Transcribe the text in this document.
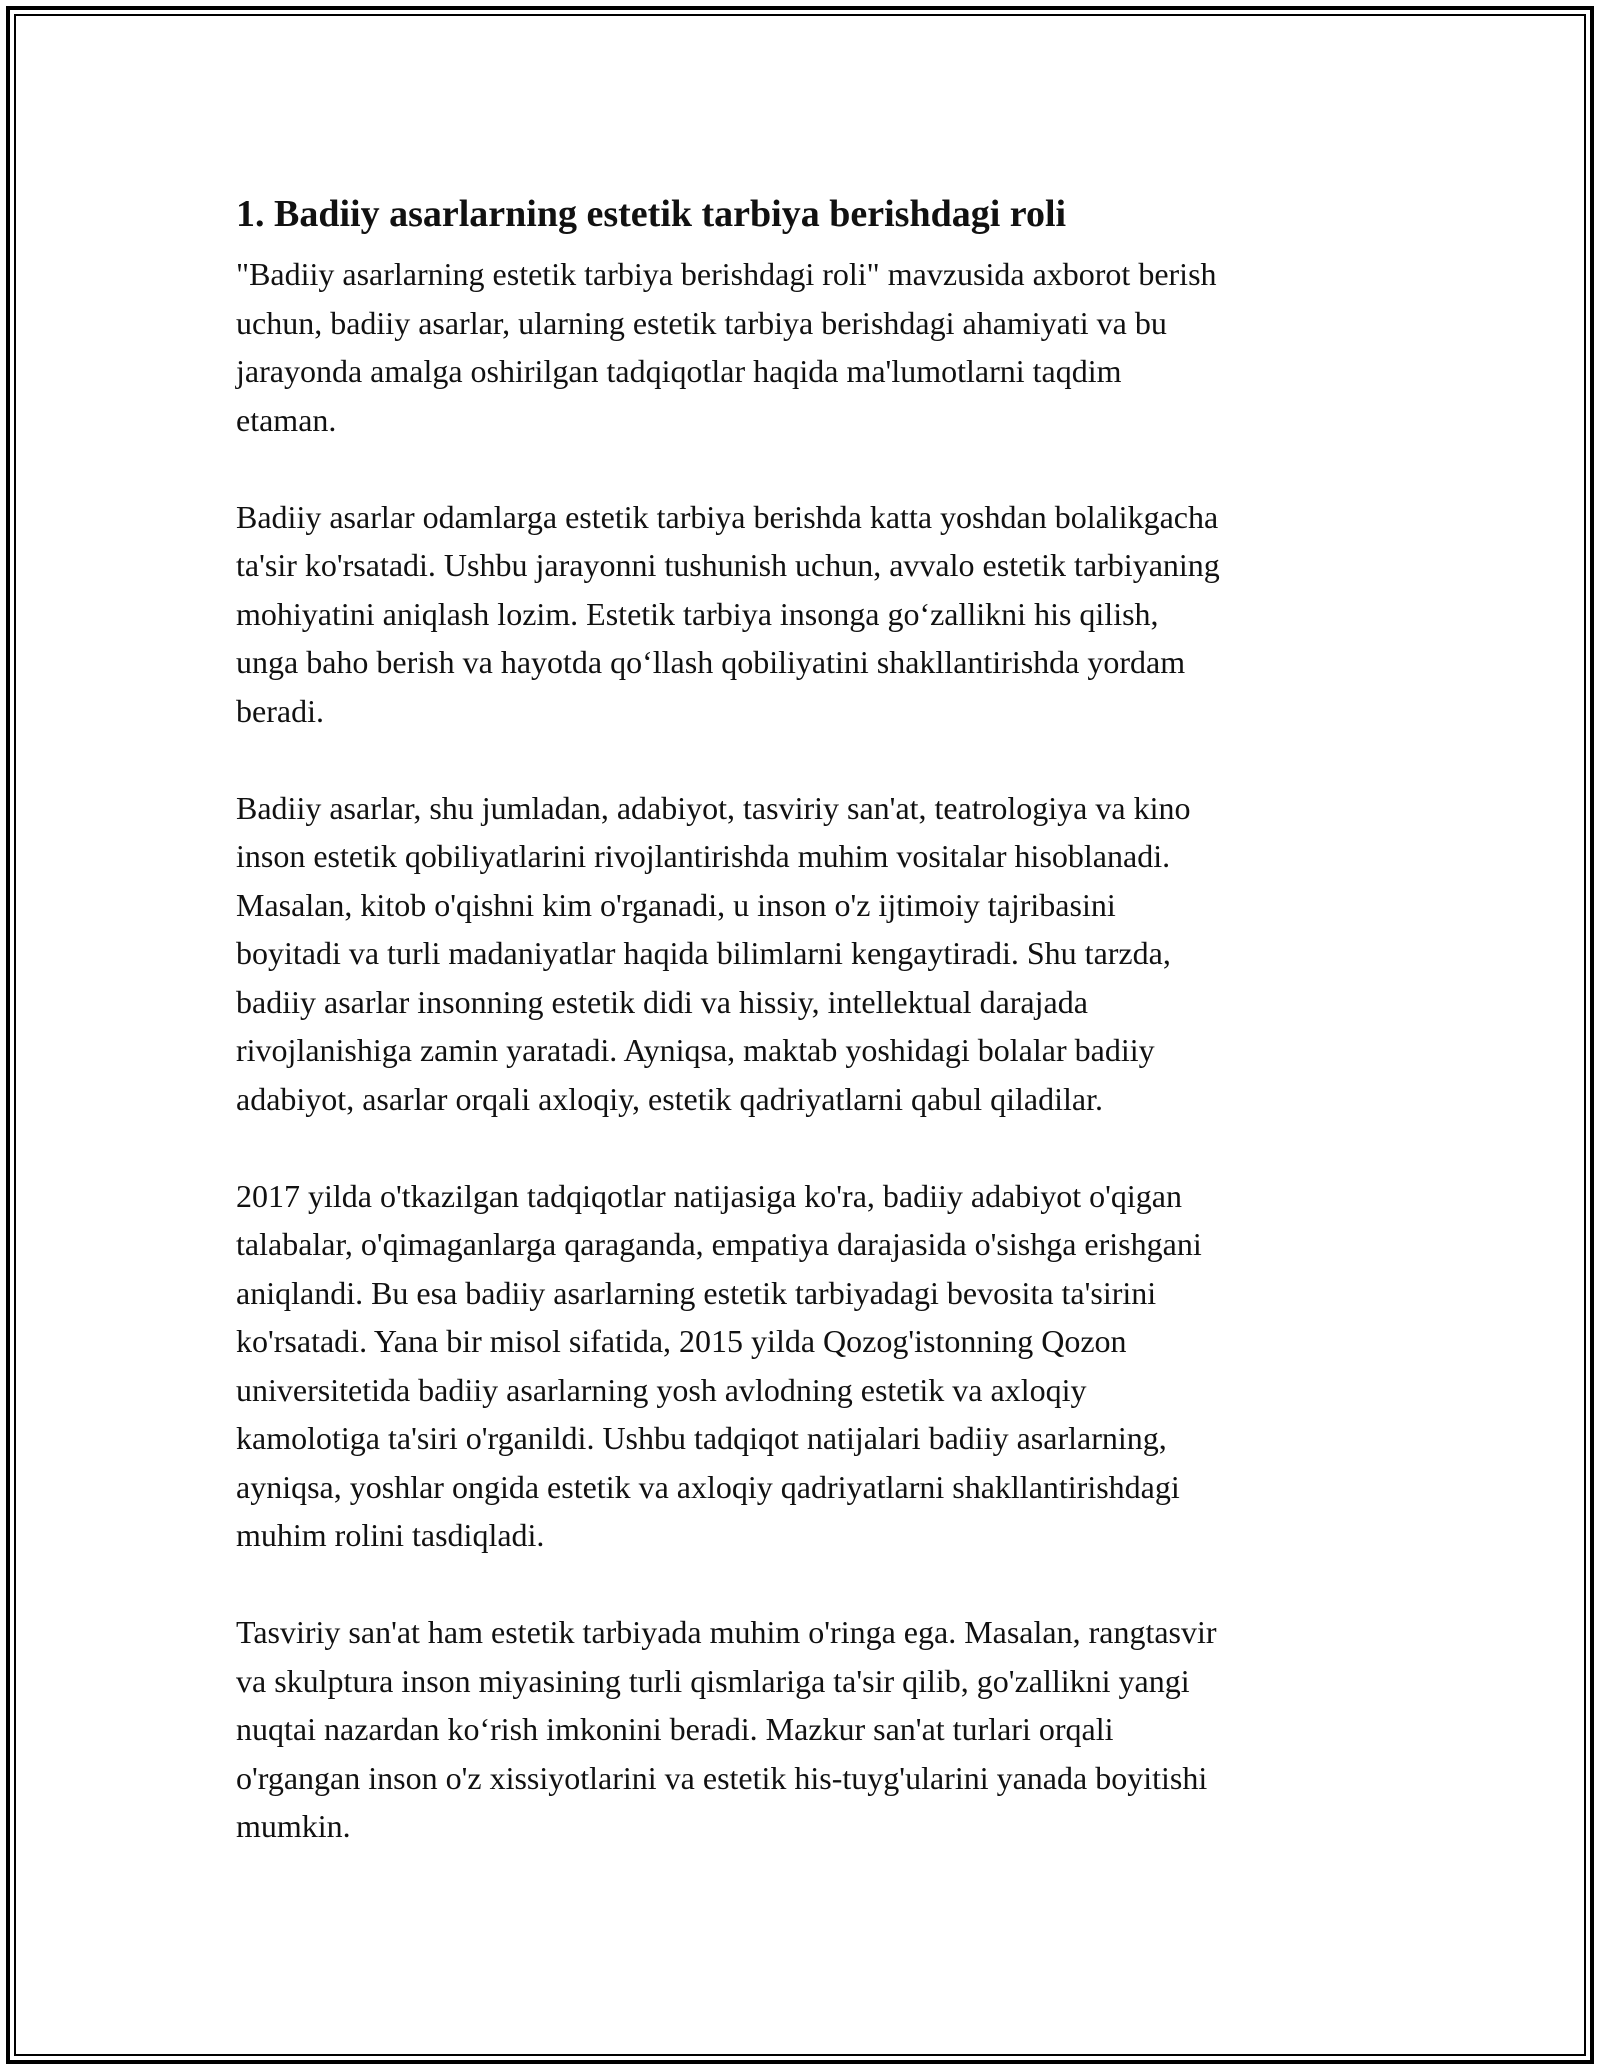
1. Badiiy asarlarning estetik tarbiya berishdagi roli

"Badiiy asarlarning estetik tarbiya berishdagi roli" mavzusida axborot berish
uchun, badiiy asarlar, ularning estetik tarbiya berishdagi ahamiyati va bu
jarayonda amalga oshirilgan tadqiqotlar haqida ma'lumotlarni taqdim
etaman.

Badiiy asarlar odamlarga estetik tarbiya berishda katta yoshdan bolalikgacha
ta'sir ko'rsatadi. Ushbu jarayonni tushunish uchun, avvalo estetik tarbiyaning
mohiyatini aniqlash lozim. Estetik tarbiya insonga goʻzallikni his qilish,
unga baho berish va hayotda qoʻllash qobiliyatini shakllantirishda yordam
beradi.

Badiiy asarlar, shu jumladan, adabiyot, tasviriy san'at, teatrologiya va kino
inson estetik qobiliyatlarini rivojlantirishda muhim vositalar hisoblanadi.
Masalan, kitob o'qishni kim o'rganadi, u inson o'z ijtimoiy tajribasini
boyitadi va turli madaniyatlar haqida bilimlarni kengaytiradi. Shu tarzda,
badiiy asarlar insonning estetik didi va hissiy, intellektual darajada
rivojlanishiga zamin yaratadi. Ayniqsa, maktab yoshidagi bolalar badiiy
adabiyot, asarlar orqali axloqiy, estetik qadriyatlarni qabul qiladilar.

2017 yilda o'tkazilgan tadqiqotlar natijasiga ko'ra, badiiy adabiyot o'qigan
talabalar, o'qimaganlarga qaraganda, empatiya darajasida o'sishga erishgani
aniqlandi. Bu esa badiiy asarlarning estetik tarbiyadagi bevosita ta'sirini
ko'rsatadi. Yana bir misol sifatida, 2015 yilda Qozog'istonning Qozon
universitetida badiiy asarlarning yosh avlodning estetik va axloqiy
kamolotiga ta'siri o'rganildi. Ushbu tadqiqot natijalari badiiy asarlarning,
ayniqsa, yoshlar ongida estetik va axloqiy qadriyatlarni shakllantirishdagi
muhim rolini tasdiqladi.

Tasviriy san'at ham estetik tarbiyada muhim o'ringa ega. Masalan, rangtasvir
va skulptura inson miyasining turli qismlariga ta'sir qilib, go'zallikni yangi
nuqtai nazardan koʻrish imkonini beradi. Mazkur san'at turlari orqali
o'rgangan inson o'z xissiyotlarini va estetik his-tuyg'ularini yanada boyitishi
mumkin.
